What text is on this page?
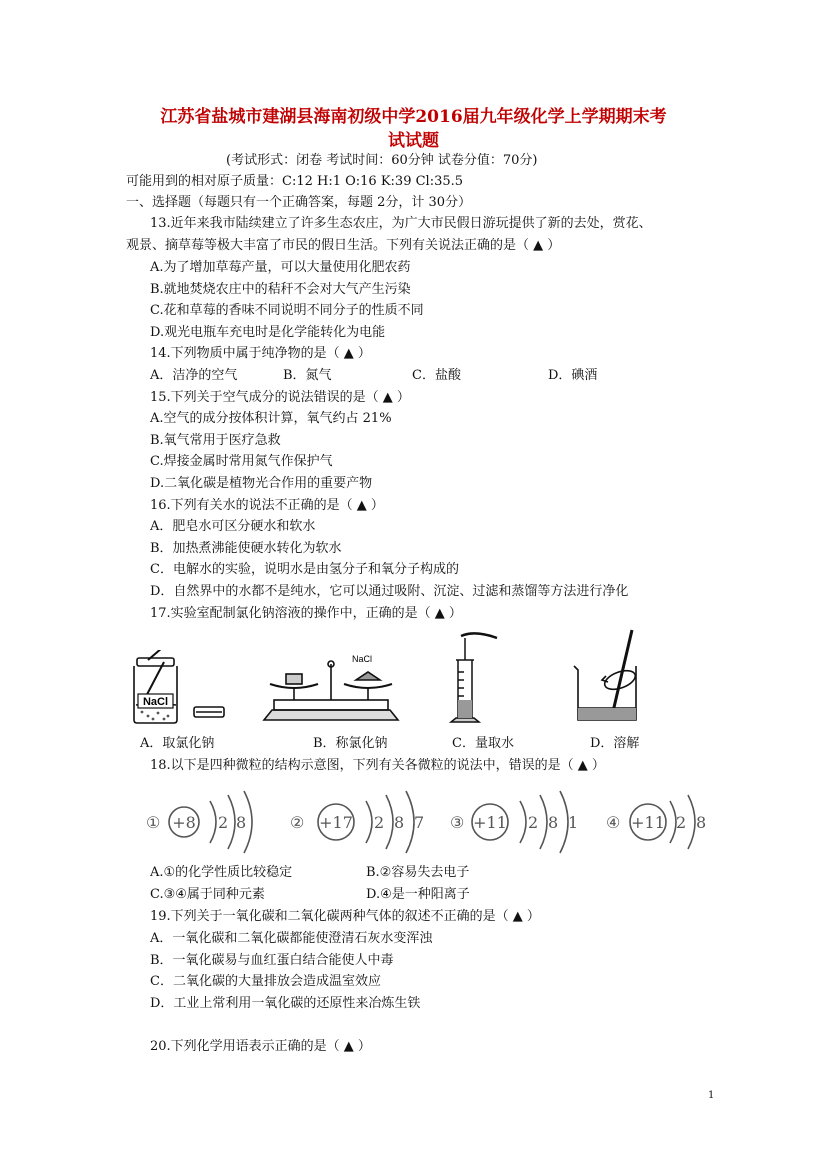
江苏省盐城市建湖县海南初级中学2016届九年级化学上学期期末考
试试题
(考试形式：闭卷 考试时间：60分钟 试卷分值：70分)
可能用到的相对原子质量：C:12 H:1 O:16 K:39 Cl:35.5
一、选择题（每题只有一个正确答案，每题 2分，计 30分）
13.近年来我市陆续建立了许多生态农庄，为广大市民假日游玩提供了新的去处，赏花、
观景、摘草莓等极大丰富了市民的假日生活。下列有关说法正确的是（ ▲ ）
A.为了增加草莓产量，可以大量使用化肥农药
B.就地焚烧农庄中的秸秆不会对大气产生污染
C.花和草莓的香味不同说明不同分子的性质不同
D.观光电瓶车充电时是化学能转化为电能
14.下列物质中属于纯净物的是（ ▲ ）
A．洁净的空气	B．氮气	C．盐酸	D．碘酒
15.下列关于空气成分的说法错误的是（ ▲ ）
A.空气的成分按体积计算，氧气约占 21%
B.氧气常用于医疗急救
C.焊接金属时常用氮气作保护气
D.二氧化碳是植物光合作用的重要产物
16.下列有关水的说法不正确的是（ ▲ ）
A．肥皂水可区分硬水和软水
B．加热煮沸能使硬水转化为软水
C．电解水的实验，说明水是由氢分子和氧分子构成的
D．自然界中的水都不是纯水，它可以通过吸附、沉淀、过滤和蒸馏等方法进行净化
17.实验室配制氯化钠溶液的操作中，正确的是（ ▲ ）
NaCl
NaCl
A．取氯化钠	B．称氯化钠	C．量取水	D．溶解
18.以下是四种微粒的结构示意图，下列有关各微粒的说法中，错误的是（ ▲ ）
① +8 2 8	② +17 2 8 7 ③ +11 2 8 1 ④ +11 2 8
A.①的化学性质比较稳定	B.②容易失去电子
C.③④属于同种元素	D.④是一种阳离子
19.下列关于一氧化碳和二氧化碳两种气体的叙述不正确的是（ ▲ ）
A．一氧化碳和二氧化碳都能使澄清石灰水变浑浊
B．一氧化碳易与血红蛋白结合能使人中毒
C．二氧化碳的大量排放会造成温室效应
D．工业上常利用一氧化碳的还原性来冶炼生铁
20.下列化学用语表示正确的是（ ▲ ）
1
